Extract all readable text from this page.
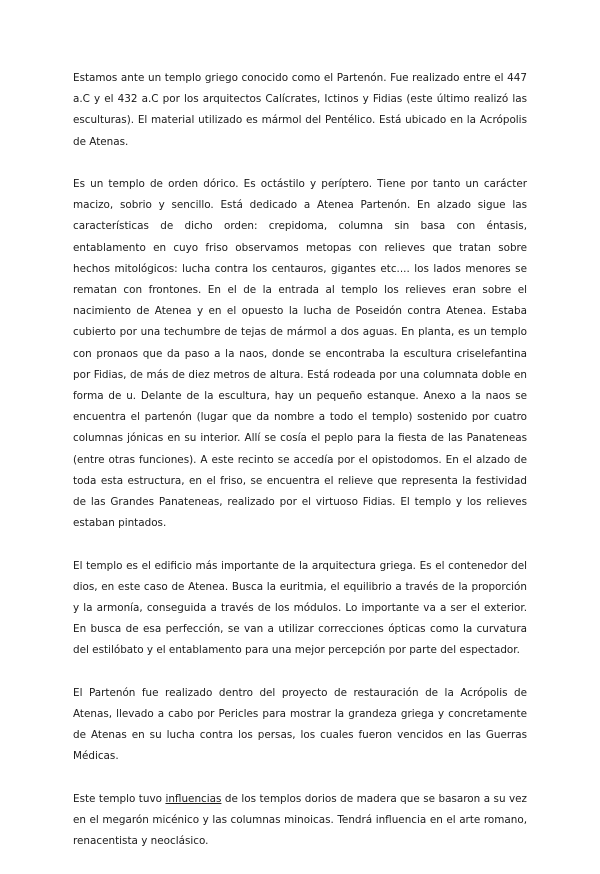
Estamos ante un templo griego conocido como el Partenón. Fue realizado entre el 447 a.C y el 432 a.C por los arquitectos Calícrates, Ictinos y Fidias (este último realizó las esculturas). El material utilizado es mármol del Pentélico. Está ubicado en la Acrópolis de Atenas.

Es un templo de orden dórico. Es octástilo y períptero. Tiene por tanto un carácter macizo, sobrio y sencillo. Está dedicado a Atenea Partenón. En alzado sigue las características de dicho orden: crepidoma, columna sin basa con éntasis, entablamento en cuyo friso observamos metopas con relieves que tratan sobre hechos mitológicos: lucha contra los centauros, gigantes etc.... los lados menores se rematan con frontones. En el de la entrada al templo los relieves eran sobre el nacimiento de Atenea y en el opuesto la lucha de Poseidón contra Atenea. Estaba cubierto por una techumbre de tejas de mármol a dos aguas. En planta, es un templo con pronaos que da paso a la naos, donde se encontraba la escultura criselefantina por Fidias, de más de diez metros de altura. Está rodeada por una columnata doble en forma de u. Delante de la escultura, hay un pequeño estanque. Anexo a la naos se encuentra el partenón (lugar que da nombre a todo el templo) sostenido por cuatro columnas jónicas en su interior. Allí se cosía el peplo para la fiesta de las Panateneas (entre otras funciones). A este recinto se accedía por el opistodomos. En el alzado de toda esta estructura, en el friso, se encuentra el relieve que representa la festividad de las Grandes Panateneas, realizado por el virtuoso Fidias. El templo y los relieves estaban pintados.

El templo es el edificio más importante de la arquitectura griega. Es el contenedor del dios, en este caso de Atenea. Busca la euritmia, el equilibrio a través de la proporción y la armonía, conseguida a través de los módulos. Lo importante va a ser el exterior. En busca de esa perfección, se van a utilizar correcciones ópticas como la curvatura del estilóbato y el entablamento para una mejor percepción por parte del espectador.

El Partenón fue realizado dentro del proyecto de restauración de la Acrópolis de Atenas, llevado a cabo por Pericles para mostrar la grandeza griega y concretamente de Atenas en su lucha contra los persas, los cuales fueron vencidos en las Guerras Médicas.

Este templo tuvo influencias de los templos dorios de madera que se basaron a su vez en el megarón micénico y las columnas minoicas. Tendrá influencia en el arte romano, renacentista y neoclásico.
